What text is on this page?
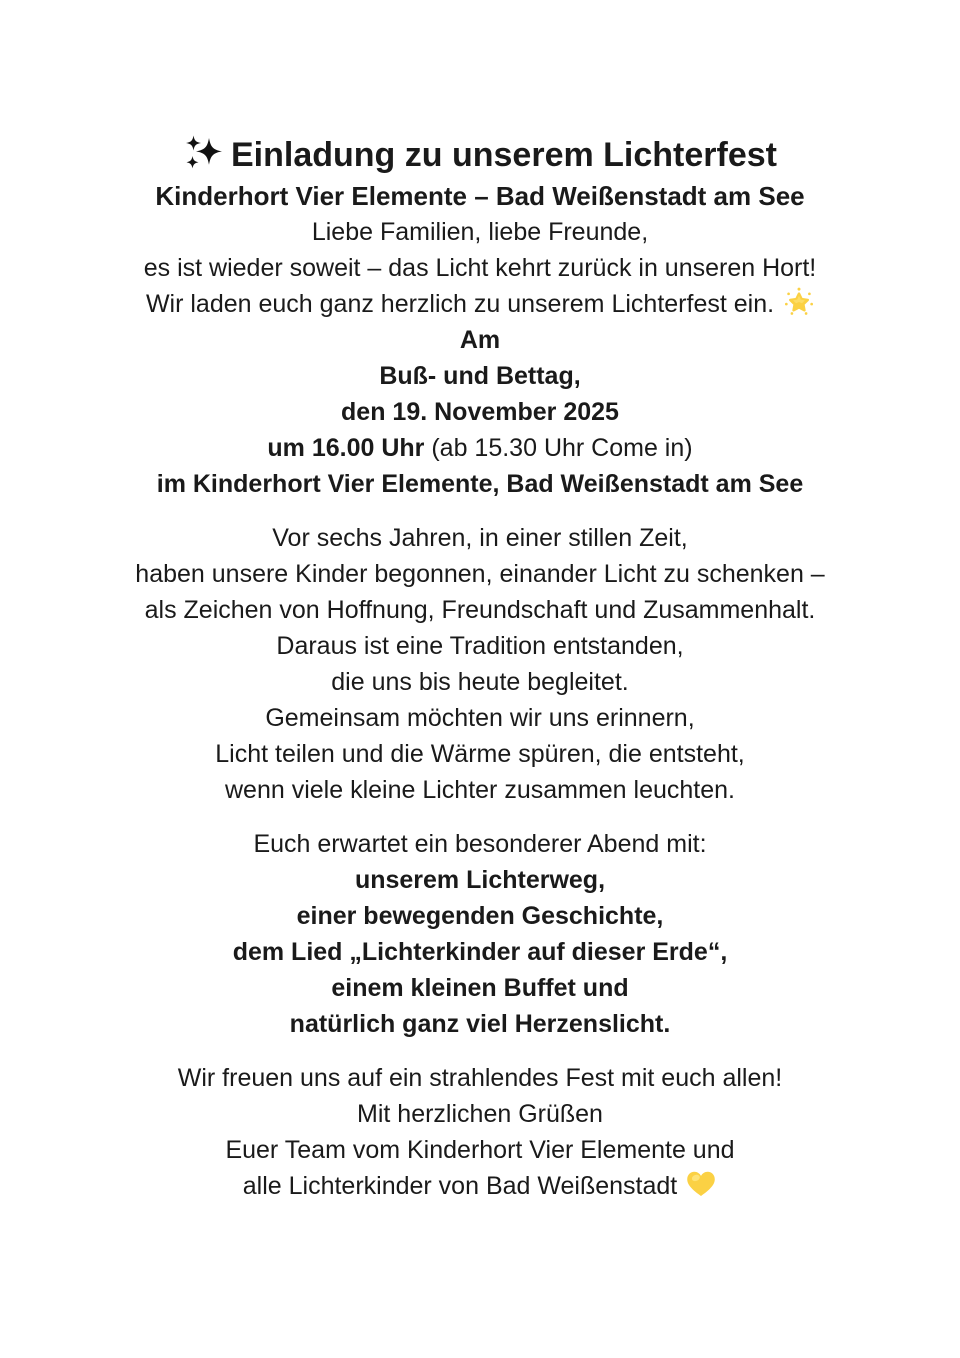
Einladung zu unserem Lichterfest

Kinderhort Vier Elemente – Bad Weißenstadt am See

Liebe Familien, liebe Freunde,

es ist wieder soweit – das Licht kehrt zurück in unseren Hort!

Wir laden euch ganz herzlich zu unserem Lichterfest ein.

Am

Buß- und Bettag,

den 19. November 2025

um 16.00 Uhr (ab 15.30 Uhr Come in)

im Kinderhort Vier Elemente, Bad Weißenstadt am See

Vor sechs Jahren, in einer stillen Zeit,

haben unsere Kinder begonnen, einander Licht zu schenken –

als Zeichen von Hoffnung, Freundschaft und Zusammenhalt.

Daraus ist eine Tradition entstanden,

die uns bis heute begleitet.

Gemeinsam möchten wir uns erinnern,

Licht teilen und die Wärme spüren, die entsteht,

wenn viele kleine Lichter zusammen leuchten.

Euch erwartet ein besonderer Abend mit:

unserem Lichterweg,

einer bewegenden Geschichte,

dem Lied „Lichterkinder auf dieser Erde“,

einem kleinen Buffet und

natürlich ganz viel Herzenslicht.

Wir freuen uns auf ein strahlendes Fest mit euch allen!

Mit herzlichen Grüßen

Euer Team vom Kinderhort Vier Elemente und

alle Lichterkinder von Bad Weißenstadt
